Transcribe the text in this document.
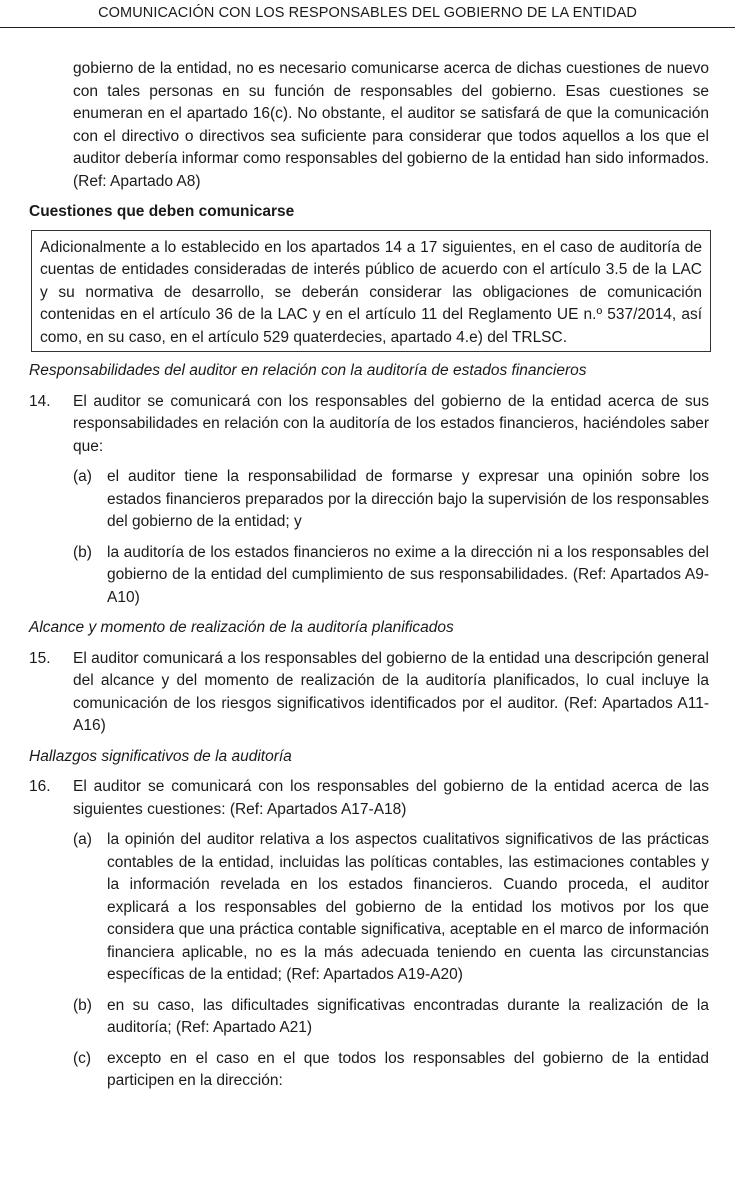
COMUNICACIÓN CON LOS RESPONSABLES DEL GOBIERNO DE LA ENTIDAD

gobierno de la entidad, no es necesario comunicarse acerca de dichas cuestiones de nuevo con tales personas en su función de responsables del gobierno. Esas cuestiones se enumeran en el apartado 16(c). No obstante, el auditor se satisfará de que la comunicación con el directivo o directivos sea suficiente para considerar que todos aquellos a los que el auditor debería informar como responsables del gobierno de la entidad han sido informados. (Ref: Apartado A8)

Cuestiones que deben comunicarse

Adicionalmente a lo establecido en los apartados 14 a 17 siguientes, en el caso de auditoría de cuentas de entidades consideradas de interés público de acuerdo con el artículo 3.5 de la LAC y su normativa de desarrollo, se deberán considerar las obligaciones de comunicación contenidas en el artículo 36 de la LAC y en el artículo 11 del Reglamento UE n.º 537/2014, así como, en su caso, en el artículo 529 quaterdecies, apartado 4.e) del TRLSC.

Responsabilidades del auditor en relación con la auditoría de estados financieros

14.	El auditor se comunicará con los responsables del gobierno de la entidad acerca de sus responsabilidades en relación con la auditoría de los estados financieros, haciéndoles saber que:
(a) el auditor tiene la responsabilidad de formarse y expresar una opinión sobre los estados financieros preparados por la dirección bajo la supervisión de los responsables del gobierno de la entidad; y
(b) la auditoría de los estados financieros no exime a la dirección ni a los responsables del gobierno de la entidad del cumplimiento de sus responsabilidades. (Ref: Apartados A9-A10)

Alcance y momento de realización de la auditoría planificados

15.	El auditor comunicará a los responsables del gobierno de la entidad una descripción general del alcance y del momento de realización de la auditoría planificados, lo cual incluye la comunicación de los riesgos significativos identificados por el auditor. (Ref: Apartados A11-A16)

Hallazgos significativos de la auditoría

16.	El auditor se comunicará con los responsables del gobierno de la entidad acerca de las siguientes cuestiones: (Ref: Apartados A17-A18)
(a) la opinión del auditor relativa a los aspectos cualitativos significativos de las prácticas contables de la entidad, incluidas las políticas contables, las estimaciones contables y la información revelada en los estados financieros. Cuando proceda, el auditor explicará a los responsables del gobierno de la entidad los motivos por los que considera que una práctica contable significativa, aceptable en el marco de información financiera aplicable, no es la más adecuada teniendo en cuenta las circunstancias específicas de la entidad; (Ref: Apartados A19-A20)
(b) en su caso, las dificultades significativas encontradas durante la realización de la auditoría; (Ref: Apartado A21)
(c)	excepto en el caso en el que todos los responsables del gobierno de la entidad participen en la dirección:
